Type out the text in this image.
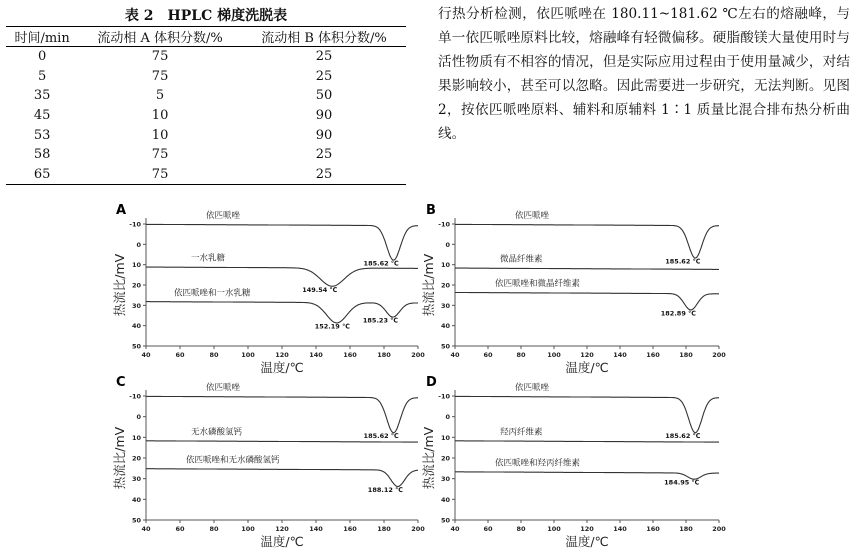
表 2　HPLC 梯度洗脱表
时间/min	流动相 A 体积分数/%	流动相 B 体积分数/%
0	75	25
5	75	25
35	5	50
45	10	90
53	10	90
58	75	25
65	75	25

行热分析检测，依匹哌唑在 180.11~181.62 ℃左右的熔融峰，与单一依匹哌唑原料比较，熔融峰有轻微偏移。硬脂酸镁大量使用时与活性物质有不相容的情况，但是实际应用过程由于使用量减少，对结果影响较小，甚至可以忽略。因此需要进一步研究，无法判断。见图 2，按依匹哌唑原料、辅料和原辅料 1∶1 质量比混合排布热分析曲线。

A
40	60	80	100	120	140	160	180	200
-10
0
10
20
30
40
50
温度/℃
热流比/mV
依匹哌唑
185.62 ℃
一水乳糖
149.54 ℃
依匹哌唑和一水乳糖
152.19 ℃
185.23 ℃
B
40	60	80	100	120	140	160	180	200
-10
0
10
20
30
40
50
温度/℃
热流比/mV
依匹哌唑
185.62 ℃
微晶纤维素
依匹哌唑和微晶纤维素
182.89 ℃
C
40	60	80	100	120	140	160	180	200
-10
0
10
20
30
40
50
温度/℃
热流比/mV
依匹哌唑
185.62 ℃
无水磷酸氢钙
依匹哌唑和无水磷酸氢钙
188.12 ℃
D
40	60	80	100	120	140	160	180	200
-10
0
10
20
30
40
50
温度/℃
热流比/mV
依匹哌唑
185.62 ℃
羟丙纤维素
依匹哌唑和羟丙纤维素
184.95 ℃
